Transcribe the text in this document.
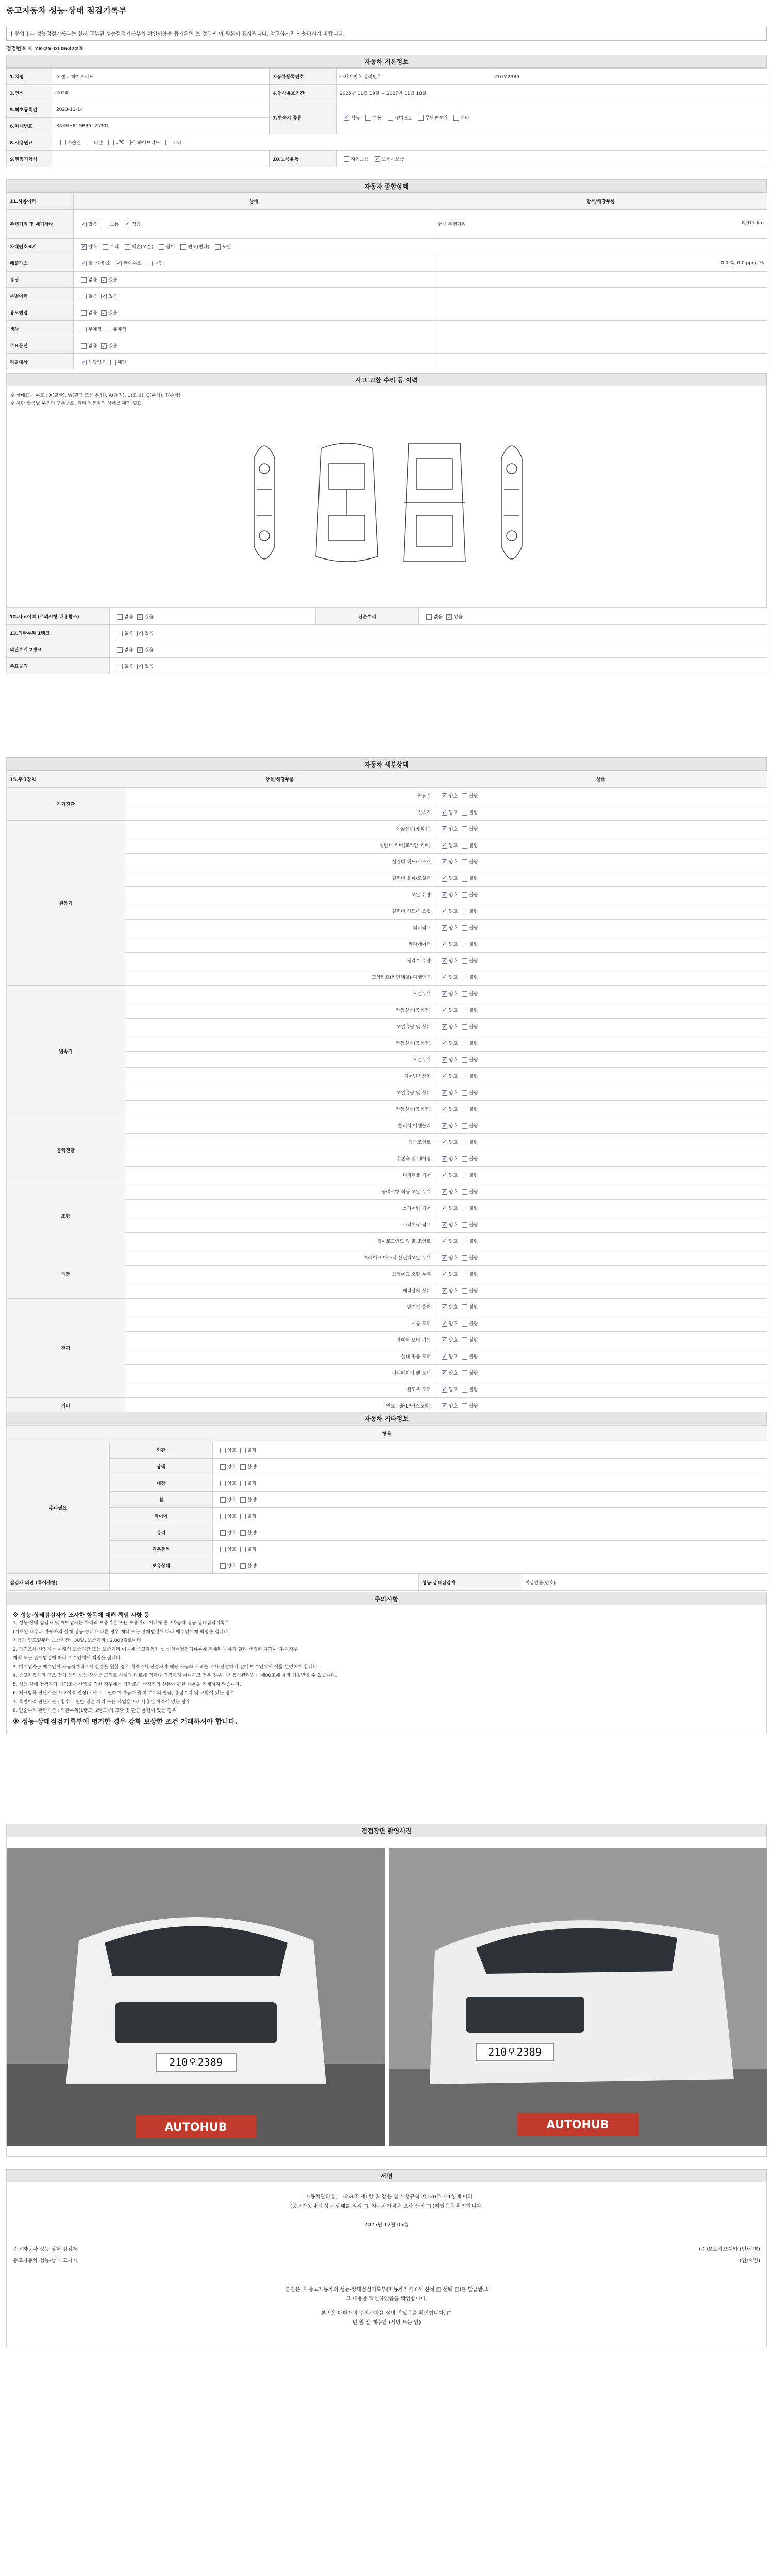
중고자동차 성능·상태 점검기록부
[ 주의 ] 본 성능점검기록부는 실제 교부된 성능점검기록부의 확인이용을 돕기위해 보 정되지 아 원본이 표시됩니다. 참고하시면 사용하시기 바랍니다.
점검번호 제 78-25-0106372호
자동차 기본정보
1.차명	쏘렌토 하이브리드	자동차등록번호	소재지번호 입력번호	210오2389
3.연식	2024	4.검사유효기간	2025년 11월 19일 ~ 2027년 11월 18일	
5.최초등록일	2023-11-14	7.변속기 종류	✓자동 수동 세미오토 무단변속기 기타
6.차대번호	KNARH81GBR5125301			
8.사용연료	가솔린 디젤 LPG ✓ 하이브리드 기타
9.원동기형식		10.보증유형	자가보증 ✓ 보험사보증
자동차 종합상태
11.사용이력	상태	항목/해당부품
주행거리 및 계기상태	✓많음 보통 ✓ 적음	현재 주행거리 8,917 km

차대번호표기	✓양호 부식 훼손(오손) 상이 변조(변타) 도말
배출가스	✓일산화탄소 ✓ 탄화수소 매연	0.0 %, 0.0 ppm, %
튜닝	없음 ✓ 있음	
특별이력	없음 ✓ 있음	
용도변경	없음 ✓ 있음	
색상	무채색 유채색	
주요옵션	없음 ✓ 있음	
리콜대상	✓해당없음 해당	
사고 교환 수리 등 이력
※ 상태표시 부호 : X(교환), W(판금 또는 용접), A(흠집), U(요철), C(부식), T(손상)
※ 하단 항목별 부품의 구분번호, 기타 자동차의 상태를 확인 필요
12.사고이력 (주의사항 내용참조)	없음 ✓ 있음	단순수리	없음 ✓ 있음
13.외판부위 1랭크	없음 ✓ 있음
외판부위 2랭크	없음 ✓ 있음
주요골격	없음 ✓ 있음
자동차 세부상태
15.주요장치	항목/해당부품	상태
자기진단	원동기	✓양호 불량
	변속기	✓양호 불량
원동기	작동상태(공회전)	✓양호 불량
	실린더 커버(로커암 커버)	✓양호 불량
	실린더 헤드/가스켓	✓양호 불량
	실린더 블록/오일팬	✓양호 불량
	오일 유량	✓양호 불량
	실린더 헤드/가스켓	✓양호 불량
	워터펌프	✓양호 불량
	라디에이터	✓양호 불량
	냉각수 수량	✓양호 불량
	고압펌프(커먼레일)-디젤엔진	✓양호 불량
변속기	오일누유	✓양호 불량
	작동상태(공회전)	✓양호 불량
	오일유량 및 상태	✓양호 불량
	작동상태(공회전)	✓양호 불량
	오일누유	✓양호 불량
	기어변속장치	✓양호 불량
	오일유량 및 상태	✓양호 불량
	작동상태(공회전)	✓양호 불량
동력전달	클러치 어셈블리	✓양호 불량
	등속조인트	✓양호 불량
	추진축 및 베어링	✓양호 불량
	디퍼렌셜 기어	✓양호 불량
조향	동력조향 작동 오일 누유	✓양호 불량
	스티어링 기어	✓양호 불량
	스티어링 펌프	✓양호 불량
	타이로드엔드 및 볼 조인트	✓양호 불량
제동	브레이크 마스터 실린더오일 누유	✓양호 불량
	브레이크 오일 누유	✓양호 불량
	배력장치 상태	✓양호 불량
전기	발전기 출력	✓양호 불량
	시동 모터	✓양호 불량
	와이퍼 모터 기능	✓양호 불량
	실내 송풍 모터	✓양호 불량
	라디에이터 팬 모터	✓양호 불량
	윈도우 모터	✓양호 불량
기타	연료누출(LP가스포함)	✓양호 불량
자동차 기타정보
항목		
수리필요	외관	양호 불량
	광택	양호 불량
	내장	양호 불량
	휠	양호 불량
	타이어	양호 불량
	유리	양호 불량
	기본품목	양호 불량
	보유상태	양호 불량
점검자 의견 (특이사항)		성능·상태점검자	이상없음(양호)
주의사항
※ 성능·상태점검자가 조사한 항목에 대해 책임 사항 등
1. 성능·상태 점검자 및 매매업자는 아래의 보증기간 또는 보증거리 이내에 중고자동차 성능·상태점검기록부
(기재된 내용과 자동차의 실제 성능·상태가 다른 경우 계약 또는 관계법령에 따라 매수인에게 책임을 집니다.
자동차 인도일부터 보증기간 : 30일, 보증거리 : 2,000킬로미터
2. 가격조사·산정자는 아래의 보증기간 또는 보증거리 이내에 중고자동차 성능·상태점검기록부에 기재된 내용과 달리 산정한 가격이 다른 경우
계약 또는 관계법령에 따라 매수인에게 책임을 집니다.
3. 매매업자는 매수인이 자동차가격조사·산정을 원할 경우 가격조사·산정자가 해당 자동차 가격을 조사·산정하기 전에 매수인에게 이를 설명해야 합니다.
4. 중고자동차의 구조·장치 등의 성능·상태를 고의로 사실과 다르게 적거나 점검하지 아니하고 적은 경우 「자동차관리법」 제80조에 따라 처벌받을 수 있습니다.
5. 성능·상태 점검자가 가격조사·산정을 겸한 경우에는 가격조사·산정자의 신분에 관한 내용을 기재하지 않습니다.
6. 체크항목 판단기준(사고이력 인정) : 사고로 인하여 자동차 골격 부위의 판금, 용접수리 및 교환이 있는 경우
7. 특별이력 판단기준 : 침수로 인한 전손 처리 또는 사업용으로 사용된 이력이 있는 경우
8. 단순수리 판단기준 : 외판부위(1랭크, 2랭크)의 교환 및 판금 용접이 있는 경우
※ 성능·상태점검기록부에 명기한 경우 강화 보상한 조건 거래하셔야 합니다.
점검장면 촬영사진
210오2389
AUTOHUB
210오2389
AUTOHUB
서명
「자동차관리법」 제58조 제1항 및 같은 법 시행규칙 제120조 제1항에 따라
(중고자동차의 성능·상태를 점검 □, 자동차가격을 조사·산정 □ )하였음을 확인합니다.
2025년 12월 05일
중고자동차 성능·상태 점검자	(주)오토허브셀카 (인/서명)
중고자동차 성능·상태 고지자	(인/서명)
본인은 위 중고자동차의 성능·상태점검기록부(자동차가격조사·산정 □ 선택 □)를 발급받고
그 내용을 확인하였음을 확인합니다.
본인은 매매자의 주의사항을 설명 받았음을 확인합니다. □
년 월 일 매수인 (서명 또는 인)
